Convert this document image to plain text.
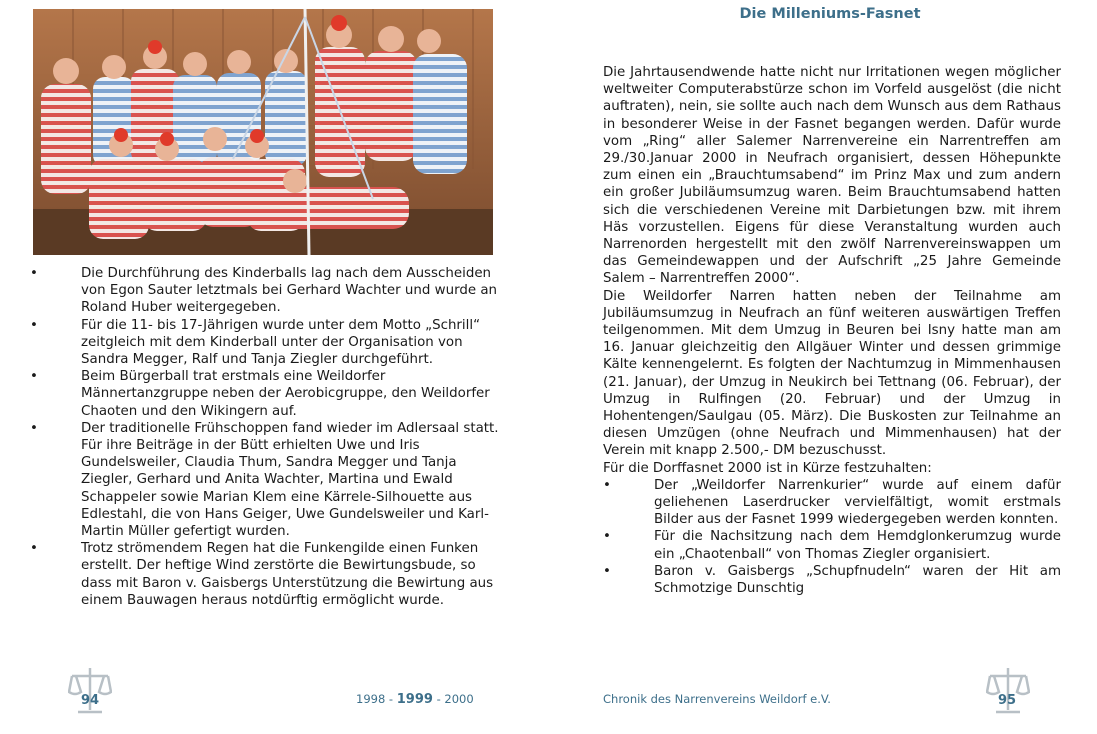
•	Die Durchführung des Kinderballs lag nach dem Ausscheiden von Egon Sauter letztmals bei Gerhard Wachter und wurde an Roland Huber weitergegeben.
•	Für die 11- bis 17-Jährigen wurde unter dem Motto „Schrill“ zeitgleich mit dem Kinderball unter der Organisation von Sandra Megger, Ralf und Tanja Ziegler durchgeführt.
•	Beim Bürgerball trat erstmals eine Weildorfer Männertanzgruppe neben der Aerobicgruppe, den Weildorfer Chaoten und den Wikingern auf.
•	Der traditionelle Frühschoppen fand wieder im Adlersaal statt. Für ihre Beiträge in der Bütt erhielten Uwe und Iris Gundelsweiler, Claudia Thum, Sandra Megger und Tanja Ziegler, Gerhard und Anita Wachter, Martina und Ewald Schappeler sowie Marian Klem eine Kärrele-Silhouette aus Edlestahl, die von Hans Geiger, Uwe Gundelsweiler und Karl-Martin Müller gefertigt wurden.
•	Trotz strömendem Regen hat die Funkengilde einen Funken erstellt. Der heftige Wind zerstörte die Bewirtungsbude, so dass mit Baron v. Gaisbergs Unterstützung die Bewirtung aus einem Bauwagen heraus notdürftig ermöglicht wurde.
94	1998 - 1999 - 2000
Die Milleniums-Fasnet

Die Jahrtausendwende hatte nicht nur Irritationen wegen möglicher weltweiter Computerabstürze schon im Vorfeld ausgelöst (die nicht auftraten), nein, sie sollte auch nach dem Wunsch aus dem Rathaus in besonderer Weise in der Fasnet begangen werden. Dafür wurde vom „Ring“ aller Salemer Narrenvereine ein Narrentreffen am 29./30.Januar 2000 in Neufrach organisiert, dessen Höhepunkte zum einen ein „Brauchtumsabend“ im Prinz Max und zum andern ein großer Jubiläumsumzug waren. Beim Brauchtumsabend hatten sich die verschiedenen Vereine mit Darbietungen bzw. mit ihrem Häs vorzustellen. Eigens für diese Veranstaltung wurden auch Narrenorden hergestellt mit den zwölf Narrenvereinswappen um das Gemeindewappen und der Aufschrift „25 Jahre Gemeinde Salem – Narrentreffen 2000“.

Die Weildorfer Narren hatten neben der Teilnahme am Jubiläumsumzug in Neufrach an fünf weiteren auswärtigen Treffen teilgenommen. Mit dem Umzug in Beuren bei Isny hatte man am 16. Januar gleichzeitig den Allgäuer Winter und dessen grimmige Kälte kennengelernt. Es folgten der Nachtumzug in Mimmenhausen (21. Januar), der Umzug in Neukirch bei Tettnang (06. Februar), der Umzug in Rulfingen (20. Februar) und der Umzug in Hohentengen/Saulgau (05. März). Die Buskosten zur Teilnahme an diesen Umzügen (ohne Neufrach und Mimmenhausen) hat der Verein mit knapp 2.500,- DM bezuschusst.

Für die Dorffasnet 2000 ist in Kürze festzuhalten:

•	Der „Weildorfer Narrenkurier“ wurde auf einem dafür geliehenen Laserdrucker vervielfältigt, womit erstmals Bilder aus der Fasnet 1999 wiedergegeben werden konnten.
•	Für die Nachsitzung nach dem Hemdglonkerumzug wurde ein „Chaotenball“ von Thomas Ziegler organisiert.
•	Baron v. Gaisbergs „Schupfnudeln“ waren der Hit am Schmotzige Dunschtig
Chronik des Narrenvereins Weildorf e.V.	95
